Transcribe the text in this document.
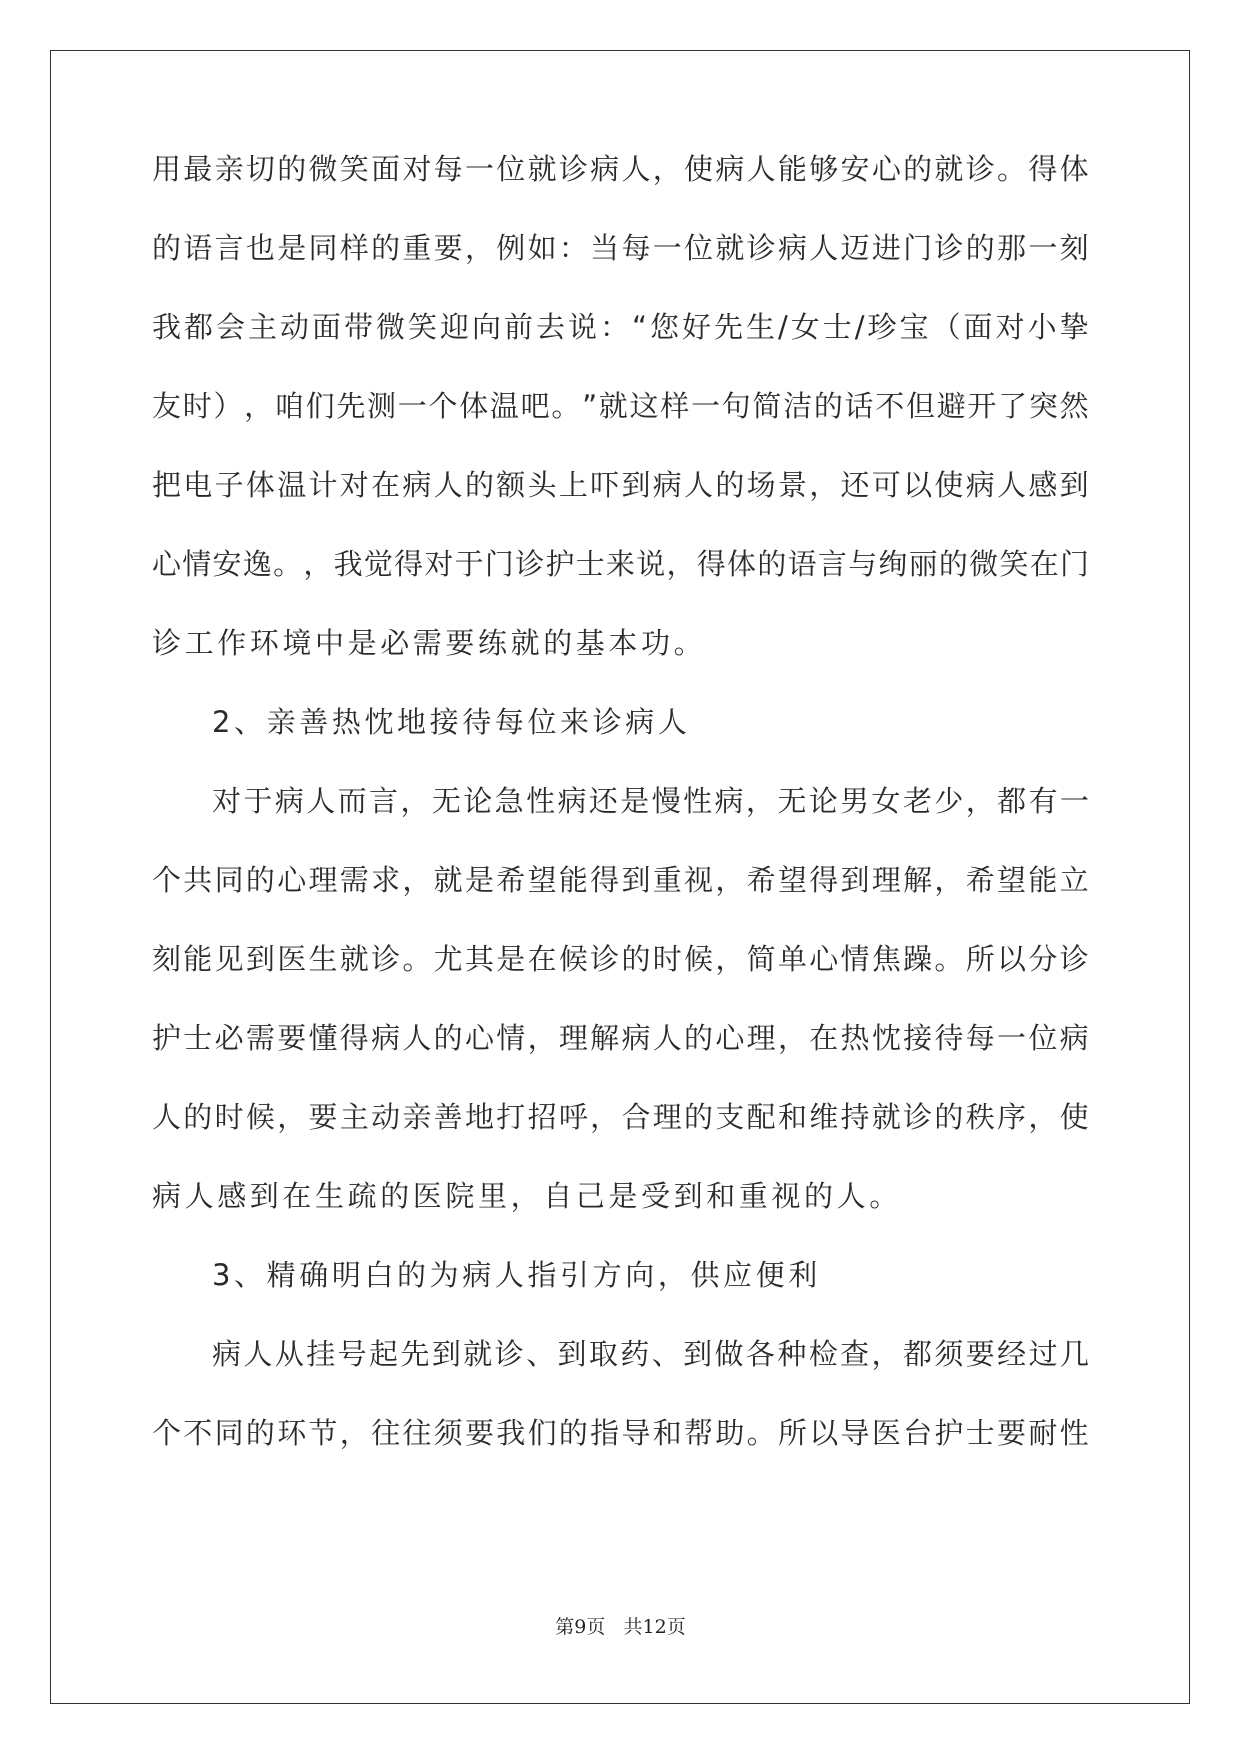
用 最 亲 切 的 微 笑 面 对 每 一 位 就 诊 病 人 ， 使 病 人 能 够 安 心 的 就 诊 。 得 体
的 语 言 也 是 同 样 的 重 要 ， 例 如 ： 当 每 一 位 就 诊 病 人 迈 进 门 诊 的 那 一 刻
我 都 会 主 动 面 带 微 笑 迎 向 前 去 说 ： “ 您 好 先 生 / 女 士 / 珍 宝 （ 面 对 小 挚
友 时 ） ， 咱 们 先 测 一 个 体 温 吧 。 ” 就 这 样 一 句 简 洁 的 话 不 但 避 开 了 突 然
把 电 子 体 温 计 对 在 病 人 的 额 头 上 吓 到 病 人 的 场 景 ， 还 可 以 使 病 人 感 到
心 情 安 逸 。 ， 我 觉 得 对 于 门 诊 护 士 来 说 ， 得 体 的 语 言 与 绚 丽 的 微 笑 在 门
诊工作环境中是必需要练就的基本功。
2、亲善热忱地接待每位来诊病人
对 于 病 人 而 言 ， 无 论 急 性 病 还 是 慢 性 病 ， 无 论 男 女 老 少 ， 都 有 一
个 共 同 的 心 理 需 求 ， 就 是 希 望 能 得 到 重 视 ， 希 望 得 到 理 解 ， 希 望 能 立
刻 能 见 到 医 生 就 诊 。 尤 其 是 在 候 诊 的 时 候 ， 简 单 心 情 焦 躁 。 所 以 分 诊
护 士 必 需 要 懂 得 病 人 的 心 情 ， 理 解 病 人 的 心 理 ， 在 热 忱 接 待 每 一 位 病
人 的 时 候 ， 要 主 动 亲 善 地 打 招 呼 ， 合 理 的 支 配 和 维 持 就 诊 的 秩 序 ， 使
病人感到在生疏的医院里，自己是受到和重视的人。
3、精确明白的为病人指引方向，供应便利
病 人 从 挂 号 起 先 到 就 诊 、 到 取 药 、 到 做 各 种 检 查 ， 都 须 要 经 过 几
个 不 同 的 环 节 ， 往 往 须 要 我 们 的 指 导 和 帮 助 。 所 以 导 医 台 护 士 要 耐 性
第9页 共12页
